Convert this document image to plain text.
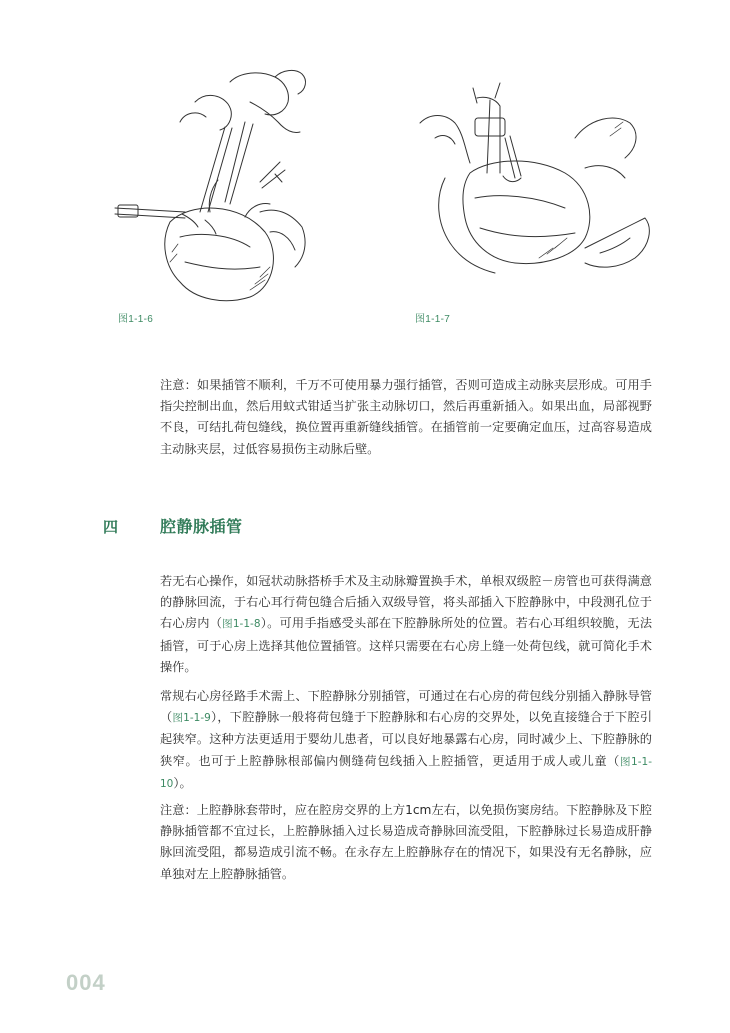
图1-1-6	图1-1-7

注意：如果插管不顺利，千万不可使用暴力强行插管，否则可造成主动脉夹层形成。可用手指尖控制出血，然后用蚊式钳适当扩张主动脉切口，然后再重新插入。如果出血，局部视野不良，可结扎荷包缝线，换位置再重新缝线插管。在插管前一定要确定血压，过高容易造成主动脉夹层，过低容易损伤主动脉后壁。

四	腔静脉插管

若无右心操作，如冠状动脉搭桥手术及主动脉瓣置换手术，单根双级腔－房管也可获得满意的静脉回流，于右心耳行荷包缝合后插入双级导管，将头部插入下腔静脉中，中段测孔位于右心房内（图1-1-8）。可用手指感受头部在下腔静脉所处的位置。若右心耳组织较脆，无法插管，可于心房上选择其他位置插管。这样只需要在右心房上缝一处荷包线，就可简化手术操作。

常规右心房径路手术需上、下腔静脉分别插管，可通过在右心房的荷包线分别插入静脉导管（图1-1-9），下腔静脉一般将荷包缝于下腔静脉和右心房的交界处，以免直接缝合于下腔引起狭窄。这种方法更适用于婴幼儿患者，可以良好地暴露右心房，同时减少上、下腔静脉的狭窄。也可于上腔静脉根部偏内侧缝荷包线插入上腔插管，更适用于成人或儿童（图1-1-10）。

注意：上腔静脉套带时，应在腔房交界的上方1cm左右，以免损伤窦房结。下腔静脉及下腔静脉插管都不宜过长，上腔静脉插入过长易造成奇静脉回流受阻，下腔静脉过长易造成肝静脉回流受阻，都易造成引流不畅。在永存左上腔静脉存在的情况下，如果没有无名静脉，应单独对左上腔静脉插管。

004
